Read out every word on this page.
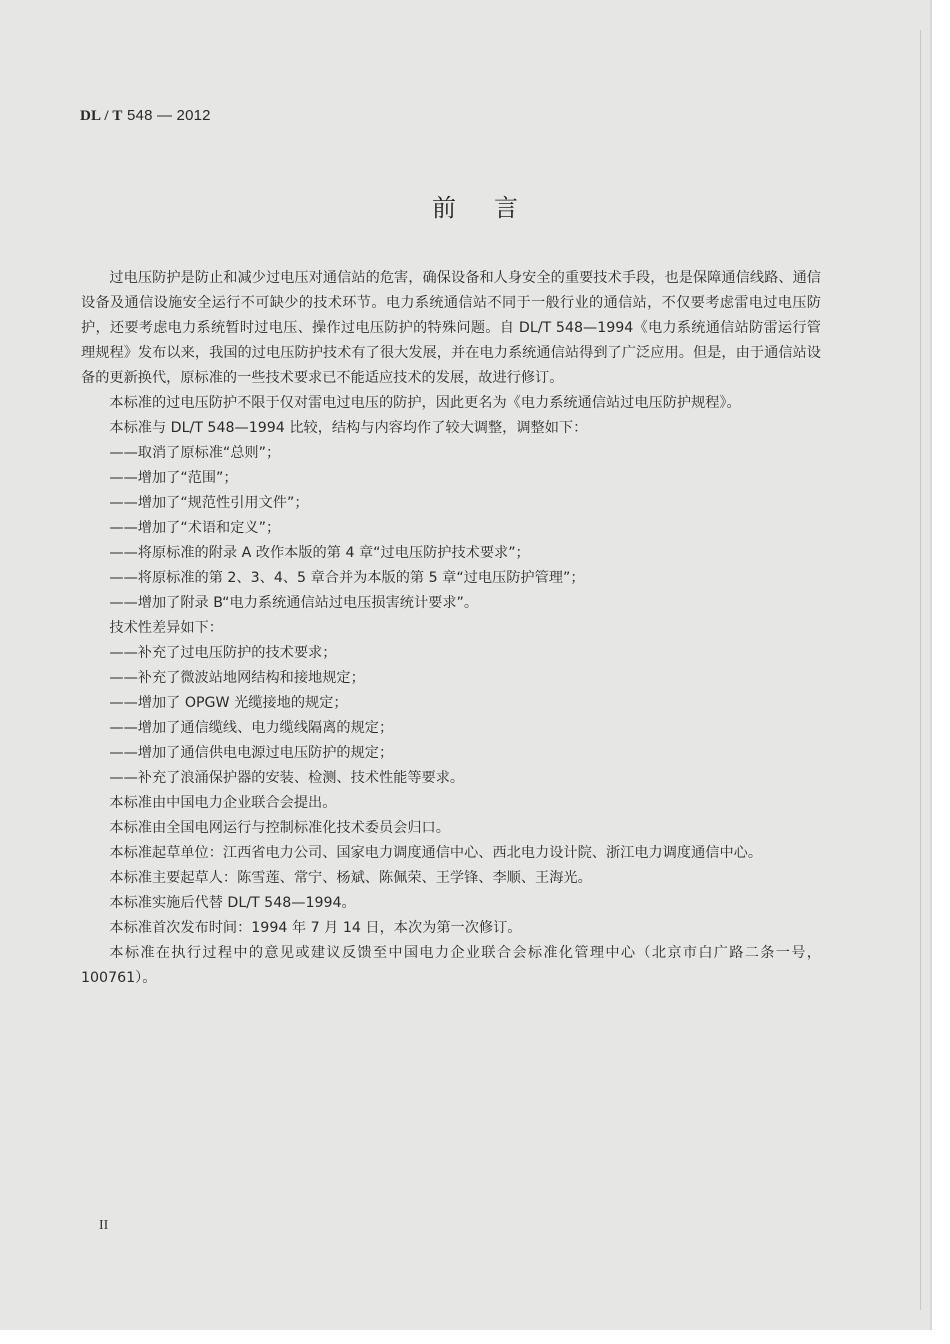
DL / T 548 — 2012
前言

过电压防护是防止和减少过电压对通信站的危害，确保设备和人身安全的重要技术手段，也是保障通信线路、通信设备及通信设施安全运行不可缺少的技术环节。电力系统通信站不同于一般行业的通信站，不仅要考虑雷电过电压防护，还要考虑电力系统暂时过电压、操作过电压防护的特殊问题。自 DL/T 548—1994《电力系统通信站防雷运行管理规程》发布以来，我国的过电压防护技术有了很大发展，并在电力系统通信站得到了广泛应用。但是，由于通信站设备的更新换代，原标准的一些技术要求已不能适应技术的发展，故进行修订。

本标准的过电压防护不限于仅对雷电过电压的防护，因此更名为《电力系统通信站过电压防护规程》。

本标准与 DL/T 548—1994 比较，结构与内容均作了较大调整，调整如下：

——取消了原标准“总则”；

——增加了“范围”；

——增加了“规范性引用文件”；

——增加了“术语和定义”；

——将原标准的附录 A 改作本版的第 4 章“过电压防护技术要求”；

——将原标准的第 2、3、4、5 章合并为本版的第 5 章“过电压防护管理”；

——增加了附录 B“电力系统通信站过电压损害统计要求”。

技术性差异如下：

——补充了过电压防护的技术要求；

——补充了微波站地网结构和接地规定；

——增加了 OPGW 光缆接地的规定；

——增加了通信缆线、电力缆线隔离的规定；

——增加了通信供电电源过电压防护的规定；

——补充了浪涌保护器的安装、检测、技术性能等要求。

本标准由中国电力企业联合会提出。

本标准由全国电网运行与控制标准化技术委员会归口。

本标准起草单位：江西省电力公司、国家电力调度通信中心、西北电力设计院、浙江电力调度通信中心。

本标准主要起草人：陈雪莲、常宁、杨斌、陈佩荣、王学锋、李顺、王海光。

本标准实施后代替 DL/T 548—1994。

本标准首次发布时间：1994 年 7 月 14 日，本次为第一次修订。

本标准在执行过程中的意见或建议反馈至中国电力企业联合会标准化管理中心（北京市白广路二条一号，100761）。

II
